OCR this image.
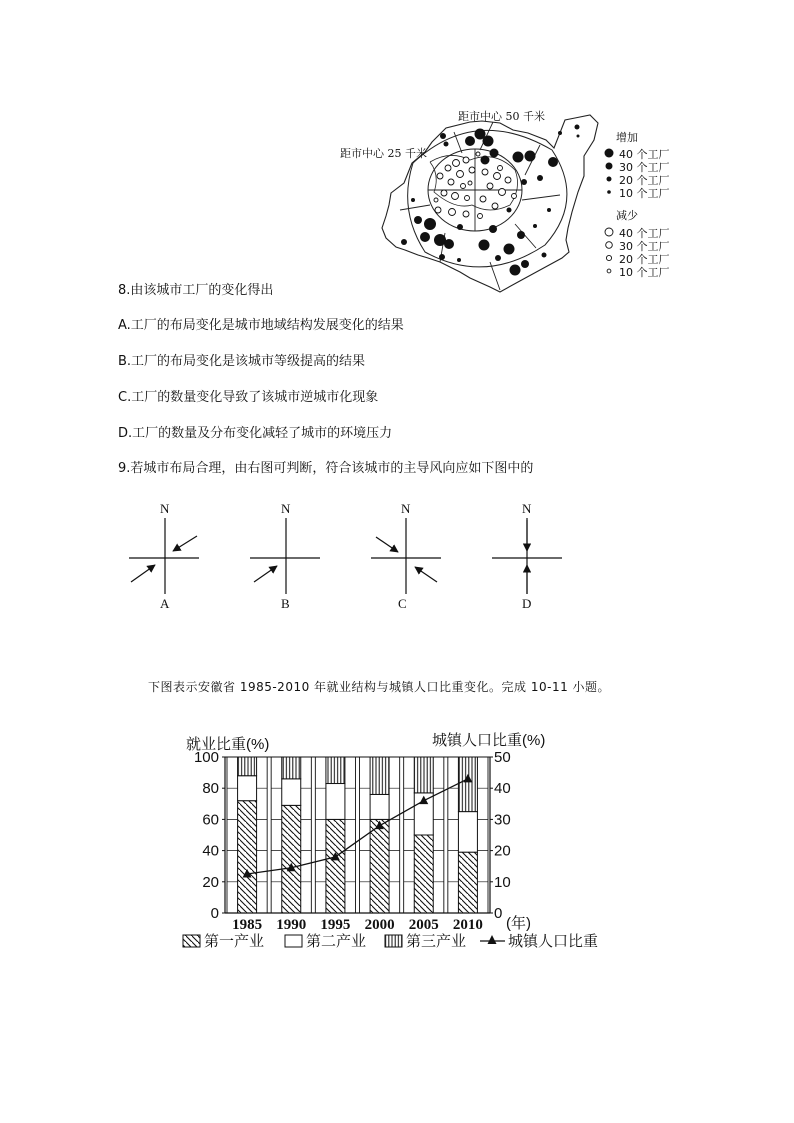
距市中心 50 千米
距市中心 25 千米
增加
40 个工厂
30 个工厂
20 个工厂
10 个工厂
减少
40 个工厂
30 个工厂
20 个工厂
10 个工厂
8.由该城市工厂的变化得出
A.工厂的布局变化是城市地域结构发展变化的结果
B.工厂的布局变化是该城市等级提高的结果
C.工厂的数量变化导致了该城市逆城市化现象
D.工厂的数量及分布变化减轻了城市的环境压力
9.若城市布局合理，由右图可判断，符合该城市的主导风向应如下图中的
N	N	N	N
A	B	C	D
下图表示安徽省 1985-2010 年就业结构与城镇人口比重变化。完成 10-11 小题。
0
20
40
60
80
100
0
10
20
30
40
50
1985 1990 1995 2000 2005 2010 (年)
就业比重(%)	城镇人口比重(%)
第一产业	第二产业	第三产业	城镇人口比重
